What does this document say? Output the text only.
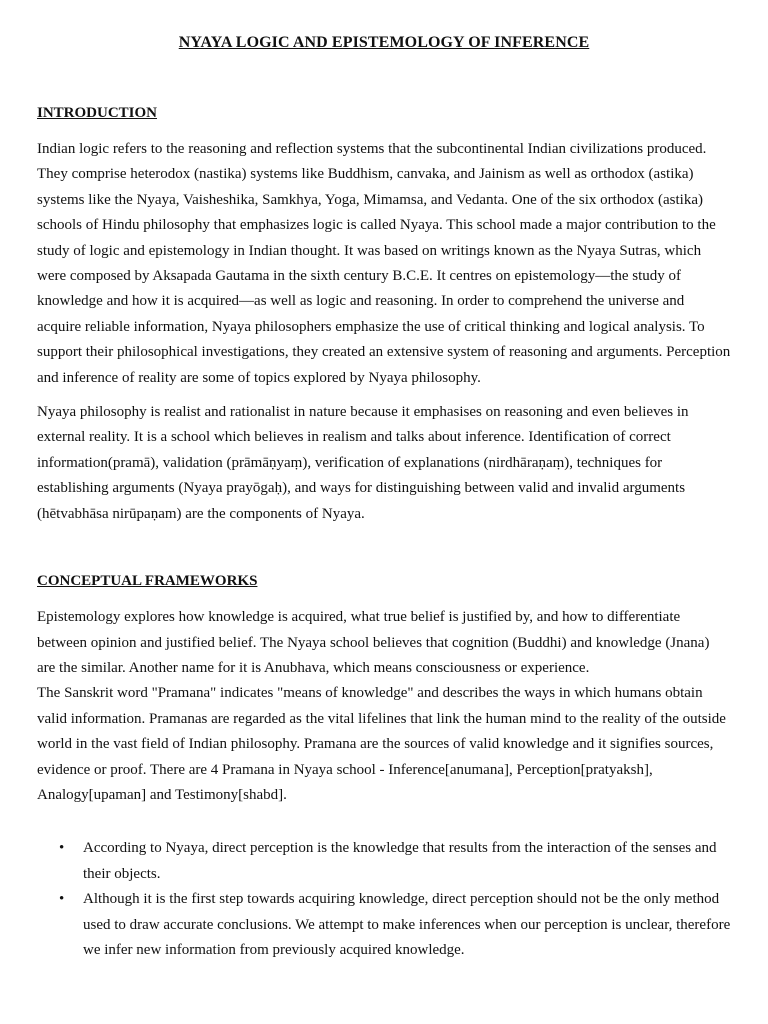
NYAYA LOGIC AND EPISTEMOLOGY OF INFERENCE
INTRODUCTION

Indian logic refers to the reasoning and reflection systems that the subcontinental Indian civilizations produced. They comprise heterodox (nastika) systems like Buddhism, canvaka, and Jainism as well as orthodox (astika) systems like the Nyaya, Vaisheshika, Samkhya, Yoga, Mimamsa, and Vedanta. One of the six orthodox (astika) schools of Hindu philosophy that emphasizes logic is called Nyaya. This school made a major contribution to the study of logic and epistemology in Indian thought. It was based on writings known as the Nyaya Sutras, which were composed by Aksapada Gautama in the sixth century B.C.E. It centres on epistemology—the study of knowledge and how it is acquired—as well as logic and reasoning. In order to comprehend the universe and acquire reliable information, Nyaya philosophers emphasize the use of critical thinking and logical analysis. To support their philosophical investigations, they created an extensive system of reasoning and arguments. Perception and inference of reality are some of topics explored by Nyaya philosophy.

Nyaya philosophy is realist and rationalist in nature because it emphasises on reasoning and even believes in external reality. It is a school which believes in realism and talks about inference. Identification of correct information(pramā), validation (prāmāṇyaṃ), verification of explanations (nirdhāraṇaṃ), techniques for establishing arguments (Nyaya prayōgaḥ), and ways for distinguishing between valid and invalid arguments (hētvabhāsa nirūpaṇam) are the components of Nyaya.

CONCEPTUAL FRAMEWORKS

Epistemology explores how knowledge is acquired, what true belief is justified by, and how to differentiate between opinion and justified belief. The Nyaya school believes that cognition (Buddhi) and knowledge (Jnana) are the similar. Another name for it is Anubhava, which means consciousness or experience.

The Sanskrit word "Pramana" indicates "means of knowledge" and describes the ways in which humans obtain valid information. Pramanas are regarded as the vital lifelines that link the human mind to the reality of the outside world in the vast field of Indian philosophy. Pramana are the sources of valid knowledge and it signifies sources, evidence or proof. There are 4 Pramana in Nyaya school - Inference[anumana], Perception[pratyaksh], Analogy[upaman] and Testimony[shabd].

• According to Nyaya, direct perception is the knowledge that results from the interaction of the senses and their objects.
• Although it is the first step towards acquiring knowledge, direct perception should not be the only method used to draw accurate conclusions. We attempt to make inferences when our perception is unclear, therefore we infer new information from previously acquired knowledge.
